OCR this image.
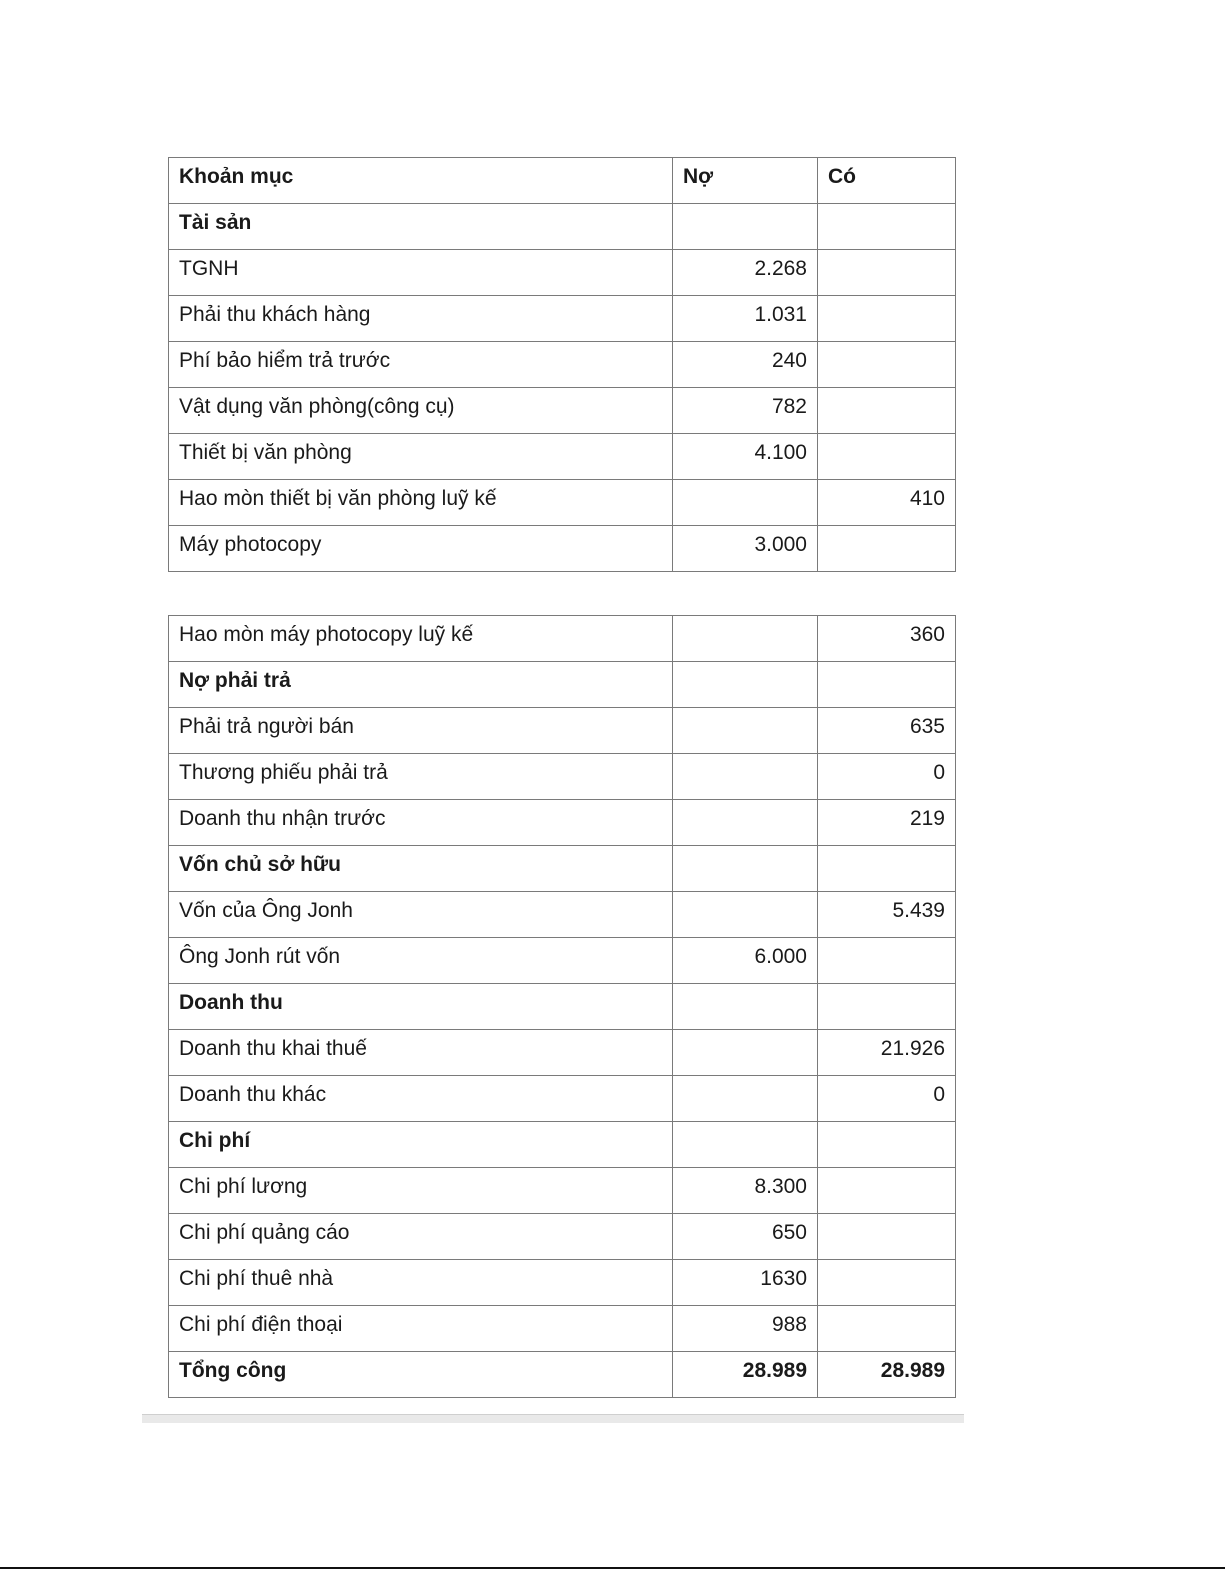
Khoản mục	Nợ	Có
Tài sản		
TGNH	2.268	
Phải thu khách hàng	1.031	
Phí bảo hiểm trả trước	240	
Vật dụng văn phòng(công cụ)	782	
Thiết bị văn phòng	4.100	
Hao mòn thiết bị văn phòng luỹ kế		410
Máy photocopy	3.000	
Hao mòn máy photocopy luỹ kế		360
Nợ phải trả		
Phải trả người bán		635
Thương phiếu phải trả		0
Doanh thu nhận trước		219
Vốn chủ sở hữu		
Vốn của Ông Jonh		5.439
Ông Jonh rút vốn	6.000	
Doanh thu		
Doanh thu khai thuế		21.926
Doanh thu khác		0
Chi phí		
Chi phí lương	8.300	
Chi phí quảng cáo	650	
Chi phí thuê nhà	1630	
Chi phí điện thoại	988	
Tổng công	28.989	28.989
